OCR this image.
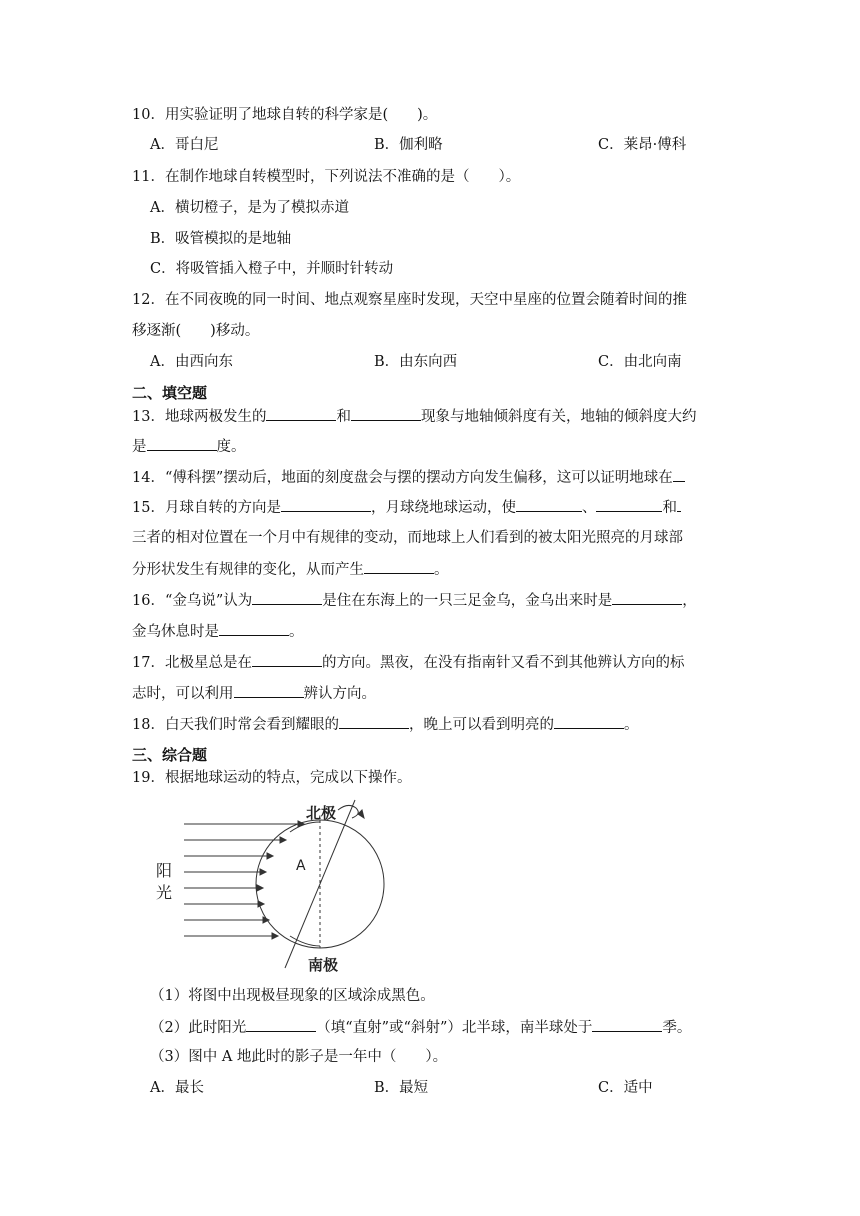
10．用实验证明了地球自转的科学家是(　　)。
A．哥白尼	B．伽利略	C．莱昂·傅科
11．在制作地球自转模型时，下列说法不准确的是（　　）。
A．横切橙子，是为了模拟赤道
B．吸管模拟的是地轴
C．将吸管插入橙子中，并顺时针转动
12．在不同夜晚的同一时间、地点观察星座时发现，天空中星座的位置会随着时间的推
移逐渐(　　)移动。
A．由西向东	B．由东向西	C．由北向南
二、填空题
13．地球两极发生的	和	现象与地轴倾斜度有关，地轴的倾斜度大约
是	度。
14．“傅科摆”摆动后，地面的刻度盘会与摆的摆动方向发生偏移，这可以证明地球在
15．月球自转的方向是	，月球绕地球运动，使	、	和
三者的相对位置在一个月中有规律的变动，而地球上人们看到的被太阳光照亮的月球部
分形状发生有规律的变化，从而产生	。
16．“金乌说”认为	是住在东海上的一只三足金乌，金乌出来时是	，
金乌休息时是	。
17．北极星总是在	的方向。黑夜，在没有指南针又看不到其他辨认方向的标
志时，可以利用	辨认方向。
18．白天我们时常会看到耀眼的	，晚上可以看到明亮的	。
三、综合题
19．根据地球运动的特点，完成以下操作。
北极
南极
阳
光
A
（1）将图中出现极昼现象的区域涂成黑色。
（2）此时阳光	（填“直射”或“斜射”）北半球，南半球处于	季。
（3）图中 A 地此时的影子是一年中（　　）。
A．最长	B．最短	C．适中
